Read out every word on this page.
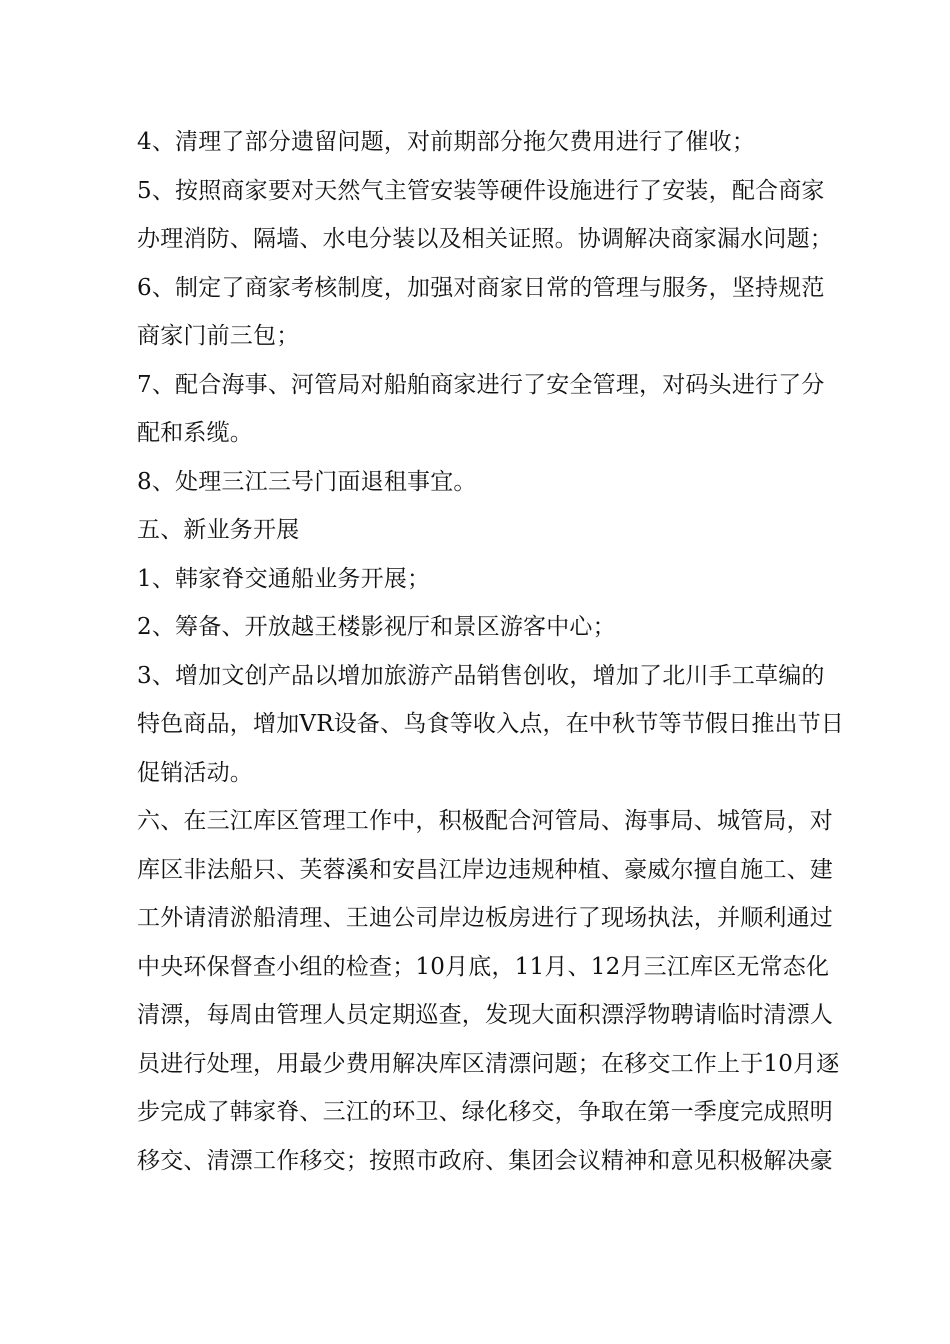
4、清理了部分遗留问题，对前期部分拖欠费用进行了催收；
5、按照商家要对天然气主管安装等硬件设施进行了安装，配合商家
办理消防、隔墙、水电分装以及相关证照。协调解决商家漏水问题；
6、制定了商家考核制度，加强对商家日常的管理与服务，坚持规范
商家门前三包；
7、配合海事、河管局对船舶商家进行了安全管理，对码头进行了分
配和系缆。
8、处理三江三号门面退租事宜。
五、新业务开展
1、韩家脊交通船业务开展；
2、筹备、开放越王楼影视厅和景区游客中心；
3、增加文创产品以增加旅游产品销售创收，增加了北川手工草编的
特色商品，增加VR设备、鸟食等收入点，在中秋节等节假日推出节日
促销活动。
六、在三江库区管理工作中，积极配合河管局、海事局、城管局，对
库区非法船只、芙蓉溪和安昌江岸边违规种植、豪威尔擅自施工、建
工外请清淤船清理、王迪公司岸边板房进行了现场执法，并顺利通过
中央环保督查小组的检查；10月底，11月、12月三江库区无常态化
清漂，每周由管理人员定期巡查，发现大面积漂浮物聘请临时清漂人
员进行处理，用最少费用解决库区清漂问题；在移交工作上于10月逐
步完成了韩家脊、三江的环卫、绿化移交，争取在第一季度完成照明
移交、清漂工作移交；按照市政府、集团会议精神和意见积极解决豪
